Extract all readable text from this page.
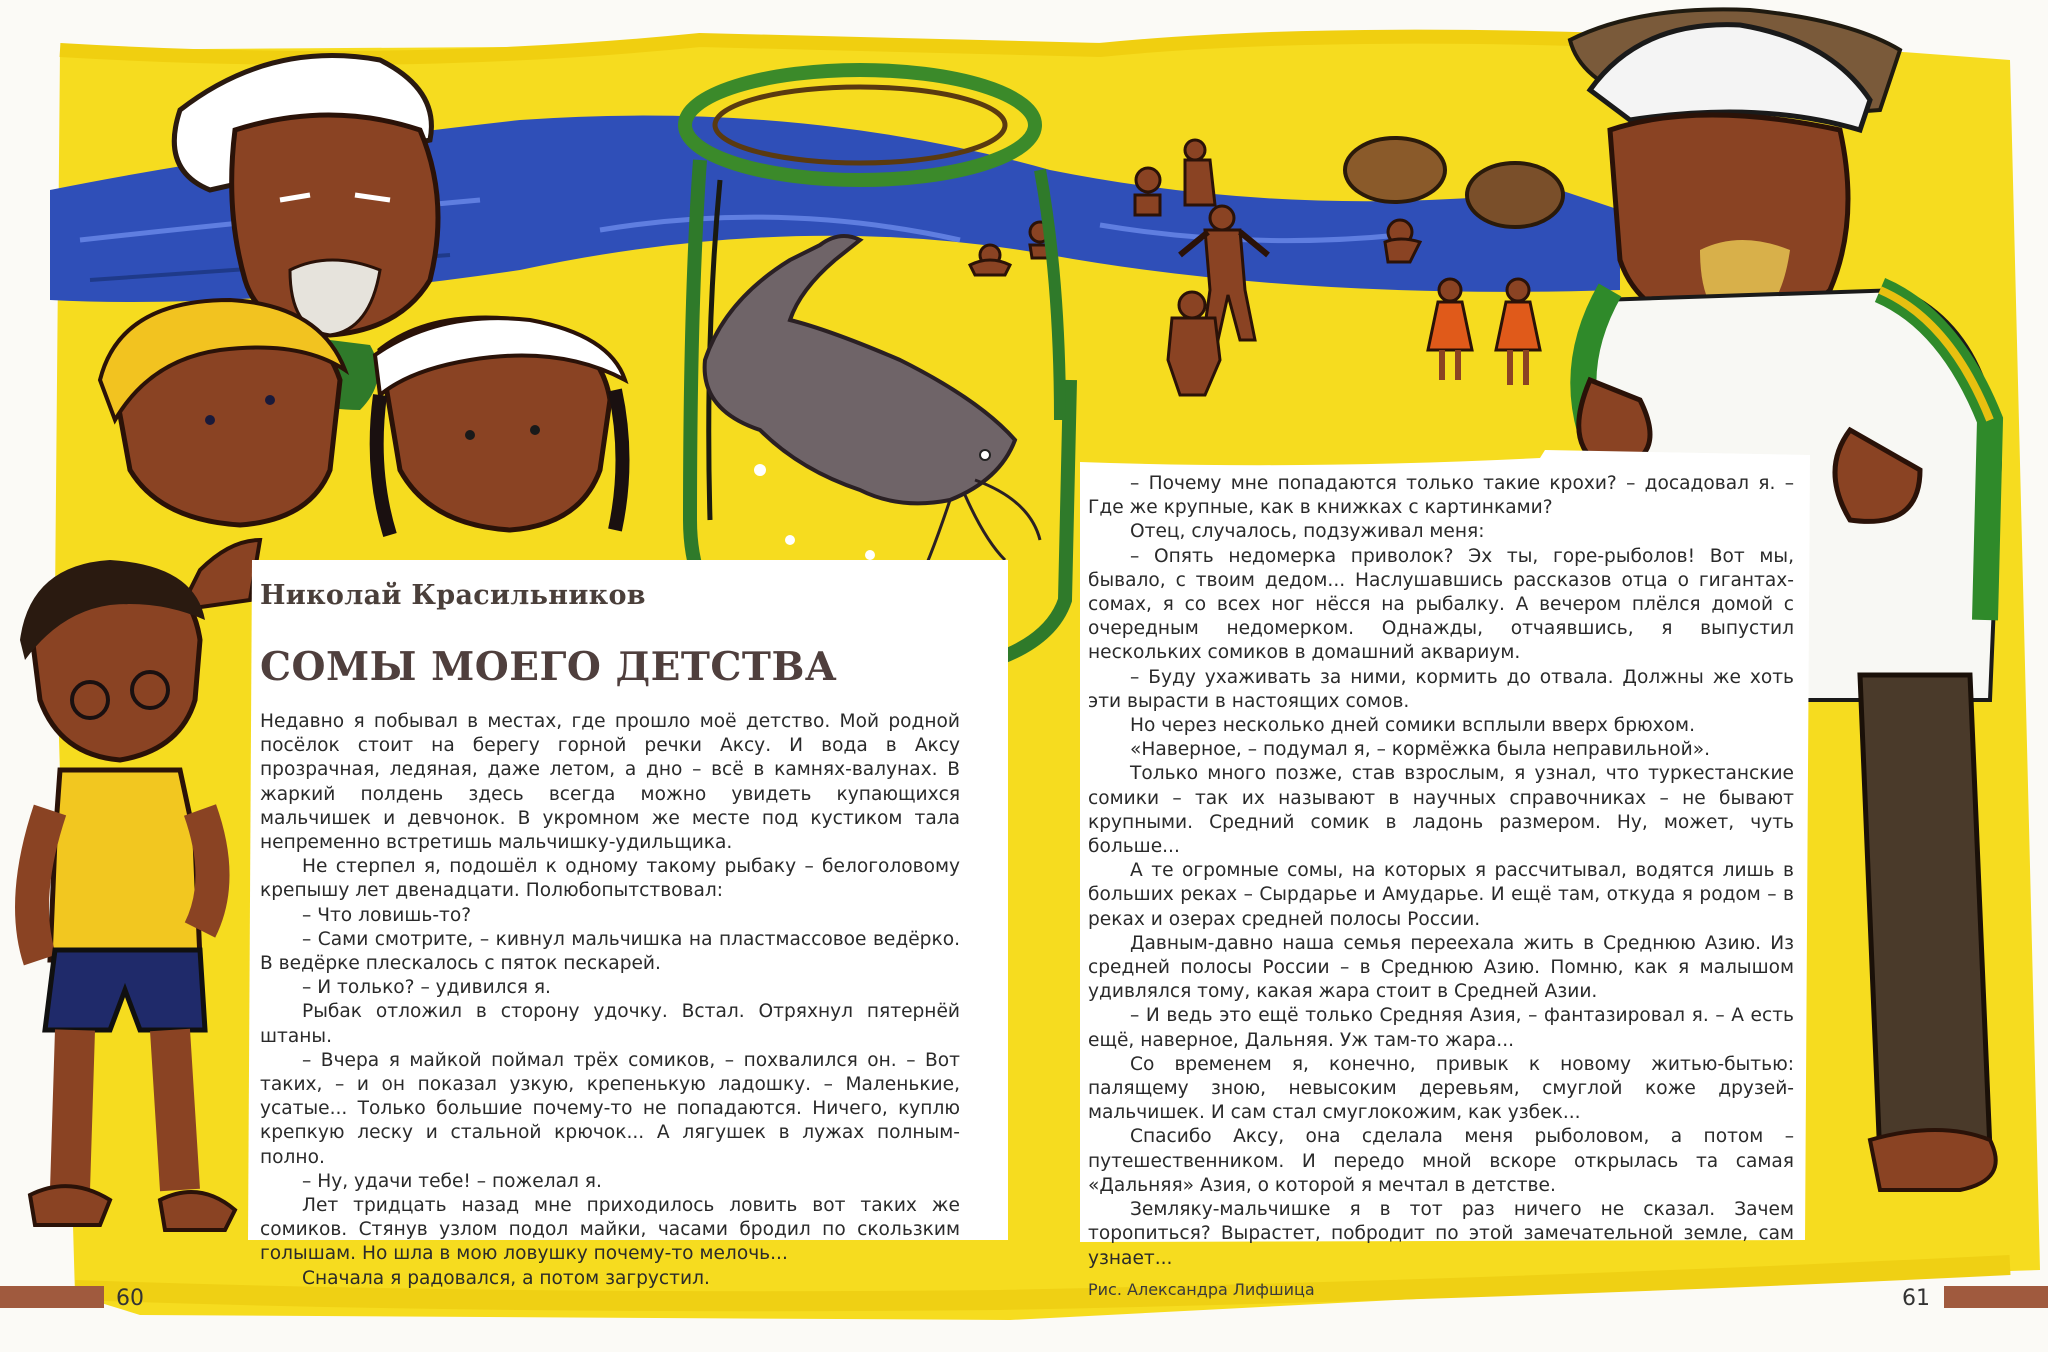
Николай Красильников
СОМЫ МОЕГО ДЕТСТВА

Недавно я побывал в местах, где прошло моё детство. Мой родной посёлок стоит на берегу горной речки Аксу. И вода в Аксу прозрачная, ледяная, даже летом, а дно – всё в камнях-валунах. В жаркий полдень здесь всегда можно увидеть купающихся мальчишек и девчонок. В укромном же месте под кустиком тала непременно встретишь мальчишку-удильщика.

Не стерпел я, подошёл к одному такому рыбаку – белоголовому крепышу лет двенадцати. Полюбопытствовал:

– Что ловишь-то?

– Сами смотрите, – кивнул мальчишка на пластмассовое ведёрко. В ведёрке плескалось с пяток пескарей.

– И только? – удивился я.

Рыбак отложил в сторону удочку. Встал. Отряхнул пятернёй штаны.

– Вчера я майкой поймал трёх сомиков, – похвалился он. – Вот таких, – и он показал узкую, крепенькую ладошку. – Маленькие, усатые... Только большие почему-то не попадаются. Ничего, куплю крепкую леску и стальной крючок... А лягушек в лужах полным-полно.

– Ну, удачи тебе! – пожелал я.

Лет тридцать назад мне приходилось ловить вот таких же сомиков. Стянув узлом подол майки, часами бродил по скользким голышам. Но шла в мою ловушку почему-то мелочь...

Сначала я радовался, а потом загрустил.

– Почему мне попадаются только такие крохи? – досадовал я. – Где же крупные, как в книжках с картинками?

Отец, случалось, подзуживал меня:

– Опять недомерка приволок? Эх ты, горе-рыболов! Вот мы, бывало, с твоим дедом... Наслушавшись рассказов отца о гигантах-сомах, я со всех ног нёсся на рыбалку. А вечером плёлся домой с очередным недомерком. Однажды, отчаявшись, я выпустил нескольких сомиков в домашний аквариум.

– Буду ухаживать за ними, кормить до отвала. Должны же хоть эти вырасти в настоящих сомов.

Но через несколько дней сомики всплыли вверх брюхом.

«Наверное, – подумал я, – кормёжка была неправильной».

Только много позже, став взрослым, я узнал, что туркестанские сомики – так их называют в научных справочниках – не бывают крупными. Средний сомик в ладонь размером. Ну, может, чуть больше...

А те огромные сомы, на которых я рассчитывал, водятся лишь в больших реках – Сырдарье и Амударье. И ещё там, откуда я родом – в реках и озерах средней полосы России.

Давным-давно наша семья переехала жить в Среднюю Азию. Из средней полосы России – в Среднюю Азию. Помню, как я малышом удивлялся тому, какая жара стоит в Средней Азии.

– И ведь это ещё только Средняя Азия, – фантазировал я. – А есть ещё, наверное, Дальняя. Уж там-то жара...

Со временем я, конечно, привык к новому житью-бытью: палящему зною, невысоким деревьям, смуглой коже друзей-мальчишек. И сам стал смуглокожим, как узбек...

Спасибо Аксу, она сделала меня рыболовом, а потом – путешественником. И передо мной вскоре открылась та самая «Дальняя» Азия, о которой я мечтал в детстве.

Земляку-мальчишке я в тот раз ничего не сказал. Зачем торопиться? Вырастет, побродит по этой замечательной земле, сам узнает...

Рис. Александра Лифшица
60	61
